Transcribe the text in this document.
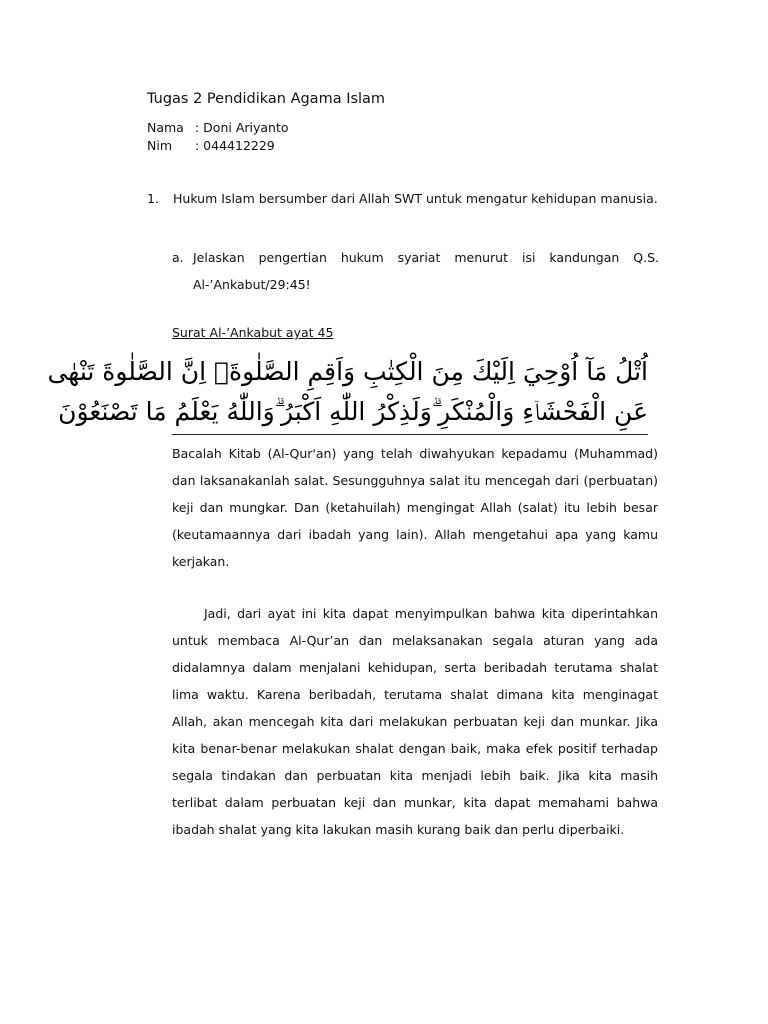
Tugas 2 Pendidikan Agama Islam
Nama : Doni Ariyanto
Nim : 044412229
1. Hukum Islam bersumber dari Allah SWT untuk mengatur kehidupan manusia.
a. Jelaskan pengertian hukum syariat menurut isi kandungan Q.S. Al-’Ankabut/29:45!
Surat Al-’Ankabut ayat 45
اُتْلُ مَآ اُوْحِيَ اِلَيْكَ مِنَ الْكِتٰبِ وَاَقِمِ الصَّلٰوةَۗ اِنَّ الصَّلٰوةَ تَنْهٰى
عَنِ الْفَحْشَاۤءِ وَالْمُنْكَرِ ۗوَلَذِكْرُ اللّٰهِ اَكْبَرُ ۗوَاللّٰهُ يَعْلَمُ مَا تَصْنَعُوْنَ
Bacalah Kitab (Al-Qur'an) yang telah diwahyukan kepadamu (Muhammad) dan laksanakanlah salat. Sesungguhnya salat itu mencegah dari (perbuatan) keji dan mungkar. Dan (ketahuilah) mengingat Allah (salat) itu lebih besar (keutamaannya dari ibadah yang lain). Allah mengetahui apa yang kamu kerjakan.
Jadi, dari ayat ini kita dapat menyimpulkan bahwa kita diperintahkan untuk membaca Al-Qur’an dan melaksanakan segala aturan yang ada didalamnya dalam menjalani kehidupan, serta beribadah terutama shalat lima waktu. Karena beribadah, terutama shalat dimana kita menginagat Allah, akan mencegah kita dari melakukan perbuatan keji dan munkar. Jika kita benar-benar melakukan shalat dengan baik, maka efek positif terhadap segala tindakan dan perbuatan kita menjadi lebih baik. Jika kita masih terlibat dalam perbuatan keji dan munkar, kita dapat memahami bahwa ibadah shalat yang kita lakukan masih kurang baik dan perlu diperbaiki.
